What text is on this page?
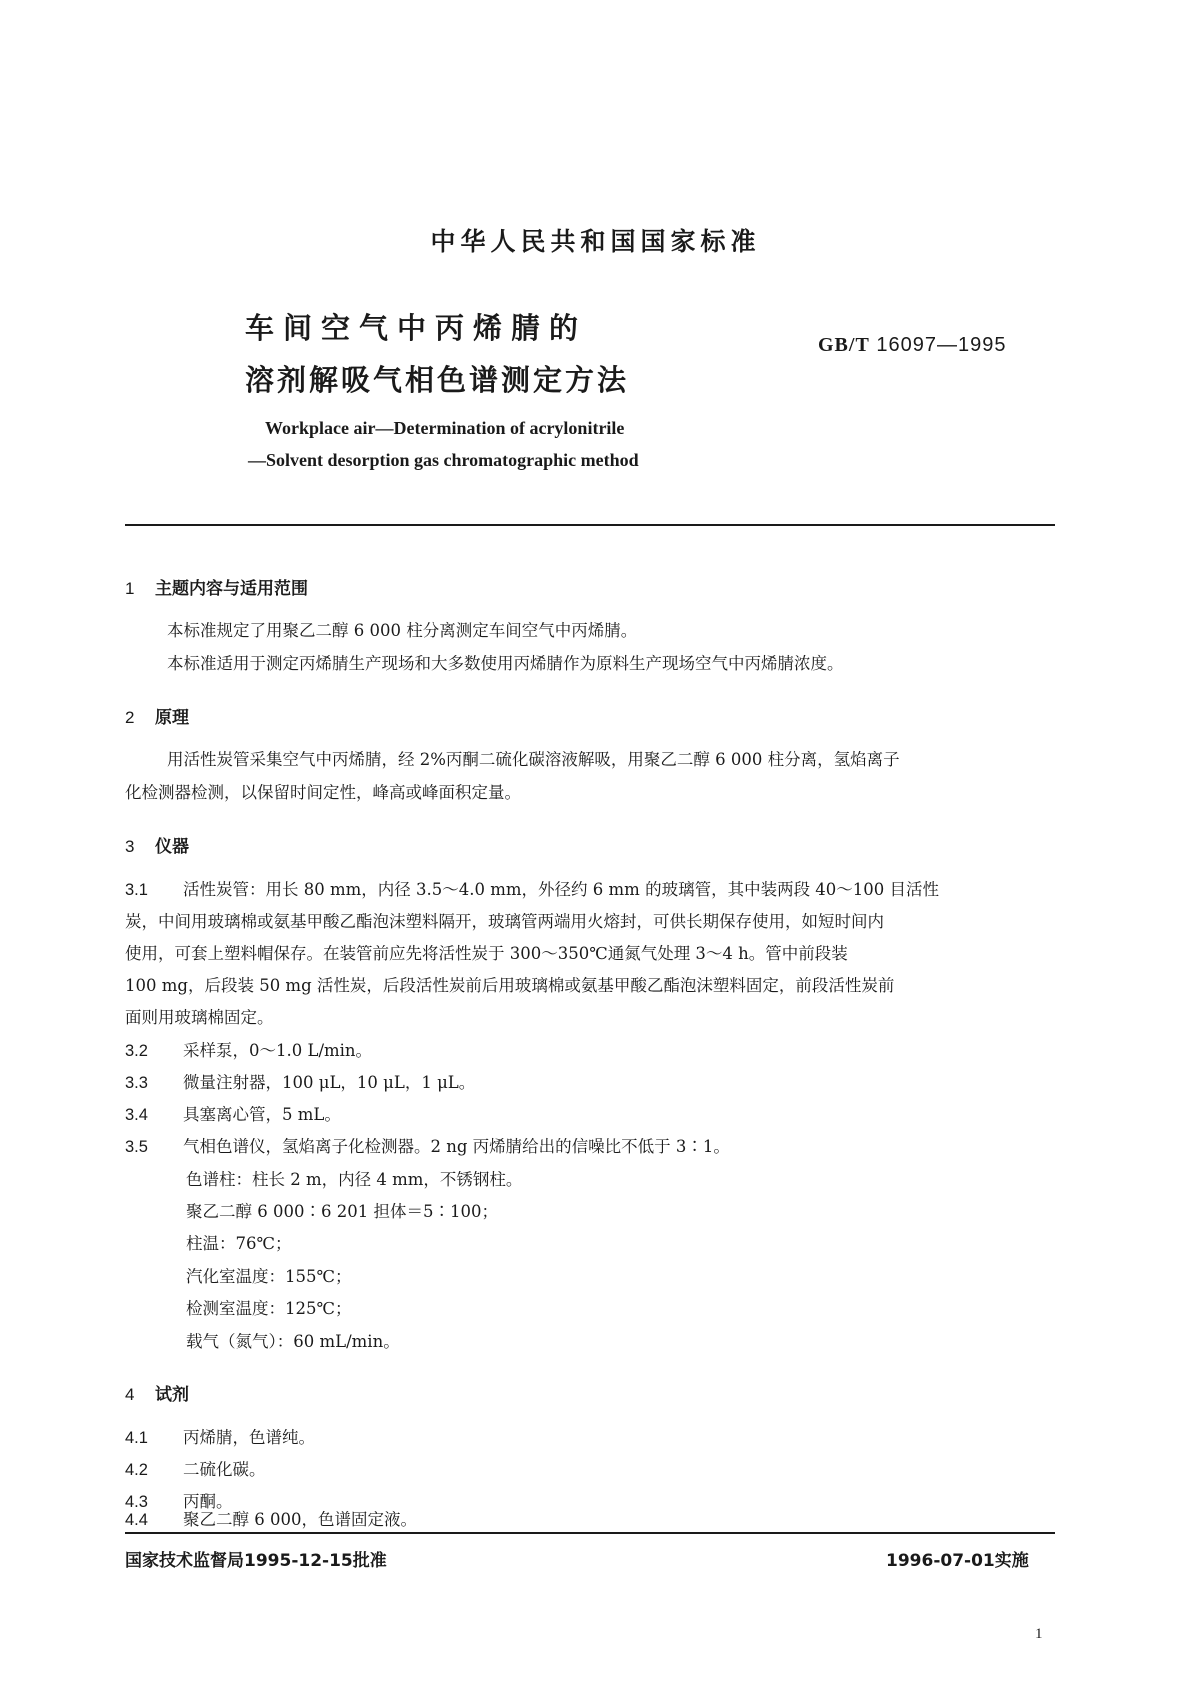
中华人民共和国国家标准
车间空气中丙烯腈的
溶剂解吸气相色谱测定方法
GB/T 16097—1995
Workplace air—Determination of acrylonitrile
—Solvent desorption gas chromatographic method
1 主题内容与适用范围
本标准规定了用聚乙二醇 6 000 柱分离测定车间空气中丙烯腈。
本标准适用于测定丙烯腈生产现场和大多数使用丙烯腈作为原料生产现场空气中丙烯腈浓度。
2 原理
用活性炭管采集空气中丙烯腈，经 2%丙酮二硫化碳溶液解吸，用聚乙二醇 6 000 柱分离，氢焰离子
化检测器检测，以保留时间定性，峰高或峰面积定量。
3 仪器
3.1 活性炭管：用长 80 mm，内径 3.5～4.0 mm，外径约 6 mm 的玻璃管，其中装两段 40～100 目活性
炭，中间用玻璃棉或氨基甲酸乙酯泡沫塑料隔开，玻璃管两端用火熔封，可供长期保存使用，如短时间内
使用，可套上塑料帽保存。在装管前应先将活性炭于 300～350℃通氮气处理 3～4 h。管中前段装
100 mg，后段装 50 mg 活性炭，后段活性炭前后用玻璃棉或氨基甲酸乙酯泡沫塑料固定，前段活性炭前
面则用玻璃棉固定。
3.2 采样泵，0～1.0 L/min。
3.3 微量注射器，100 μL，10 μL，1 μL。
3.4 具塞离心管，5 mL。
3.5 气相色谱仪，氢焰离子化检测器。2 ng 丙烯腈给出的信噪比不低于 3∶1。
色谱柱：柱长 2 m，内径 4 mm，不锈钢柱。
聚乙二醇 6 000∶6 201 担体＝5∶100；
柱温：76℃；
汽化室温度：155℃；
检测室温度：125℃；
载气（氮气）：60 mL/min。
4 试剂
4.1 丙烯腈，色谱纯。
4.2 二硫化碳。
4.3 丙酮。
4.4 聚乙二醇 6 000，色谱固定液。
国家技术监督局1995-12-15批准	1996-07-01实施
1
